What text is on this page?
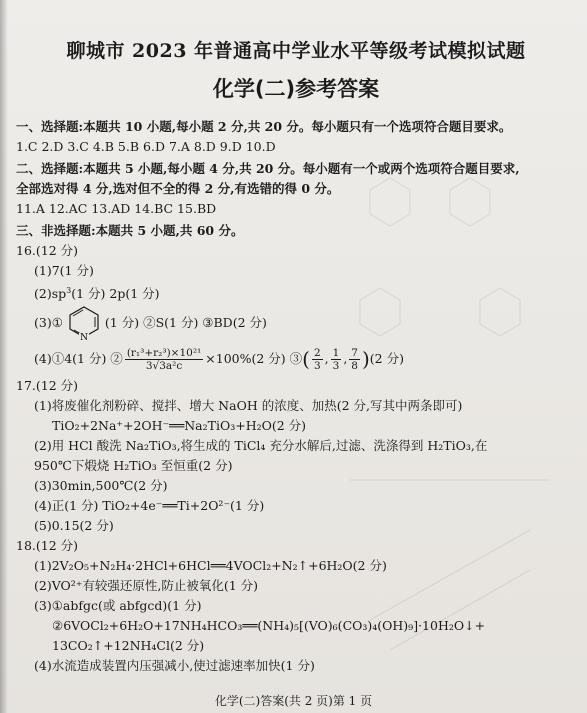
聊城市 2023 年普通高中学业水平等级考试模拟试题
化学(二)参考答案
一、选择题:本题共 10 小题,每小题 2 分,共 20 分。每小题只有一个选项符合题目要求。
1.C 2.D 3.C 4.B 5.B 6.D 7.A 8.D 9.D 10.D
二、选择题:本题共 5 小题,每小题 4 分,共 20 分。每小题有一个或两个选项符合题目要求,
全部选对得 4 分,选对但不全的得 2 分,有选错的得 0 分。
11.A 12.AC 13.AD 14.BC 15.BD
三、非选择题:本题共 5 小题,共 60 分。
16.(12 分)
(1)7(1 分)
$(2)sp^3(1$ 分) 2p(1 分)
(3)①
N
(1 分) ②S(1 分) ③BD(2 分)
(4)①4(1 分) ② $\frac{\text{(r₁³+r₂³)×10²¹}}{\text{3√3a²c}} \times 100\%(2$ 分) ③ ( $\frac{2}{3}$ , $\frac{1}{3}$ , $\frac{7}{8}$ ) (2 分)
17.(12 分)
(1)将废催化剂粉碎、搅拌、增大 NaOH 的浓度、加热(2 分,写其中两条即可)
TiO₂+2Na⁺+2OH⁻══Na₂TiO₃+H₂O(2 分)
(2)用 HCl 酸洗 Na₂TiO₃,将生成的 TiCl₄ 充分水解后,过滤、洗涤得到 H₂TiO₃,在
950℃下煅烧 H₂TiO₃ 至恒重(2 分)
(3)30min,500℃(2 分)
(4)正(1 分) TiO₂+4e⁻══Ti+2O²⁻(1 分)
(5)0.15(2 分)
18.(12 分)
(1)2V₂O₅+N₂H₄·2HCl+6HCl══4VOCl₂+N₂↑+6H₂O(2 分)
(2)VO²⁺有较强还原性,防止被氧化(1 分)
(3)①abfgc(或 abfgcd)(1 分)
②6VOCl₂+6H₂O+17NH₄HCO₃══(NH₄)₅[(VO)₆(CO₃)₄(OH)₉]·10H₂O↓+
13CO₂↑+12NH₄Cl(2 分)
(4)水流造成装置内压强减小,使过滤速率加快(1 分)
化学(二)答案(共 2 页)第 1 页
